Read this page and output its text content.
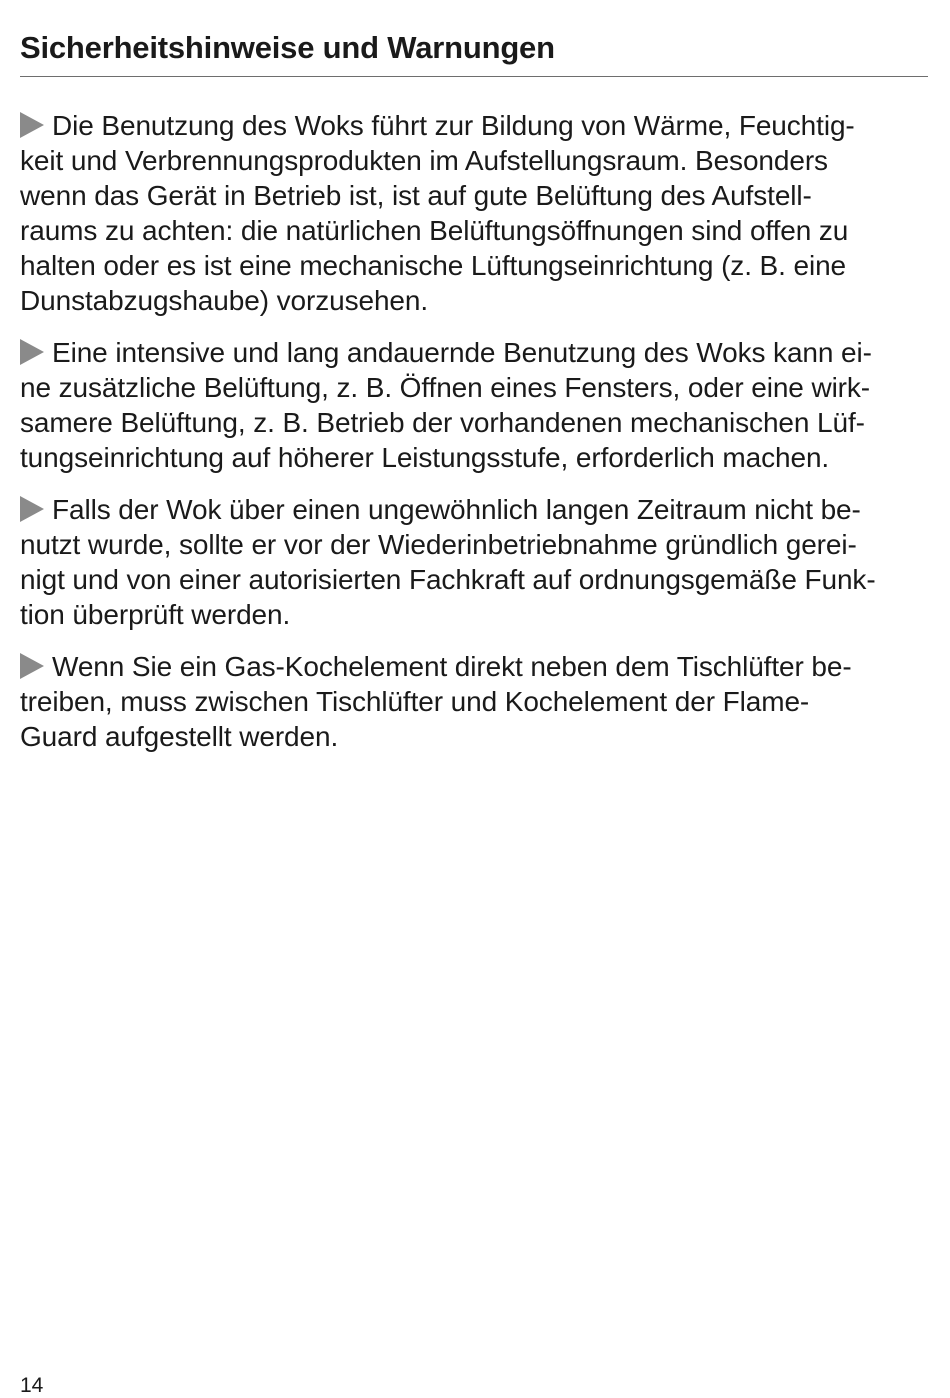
Sicherheitshinweise und Warnungen

Die Benutzung des Woks führt zur Bildung von Wärme, Feuchtig-
keit und Verbrennungsprodukten im Aufstellungsraum. Besonders
wenn das Gerät in Betrieb ist, ist auf gute Belüftung des Aufstell-
raums zu achten: die natürlichen Belüftungsöffnungen sind offen zu
halten oder es ist eine mechanische Lüftungseinrichtung (z. B. eine
Dunstabzugshaube) vorzusehen.

Eine intensive und lang andauernde Benutzung des Woks kann ei-
ne zusätzliche Belüftung, z. B. Öffnen eines Fensters, oder eine wirk-
samere Belüftung, z. B. Betrieb der vorhandenen mechanischen Lüf-
tungseinrichtung auf höherer Leistungsstufe, erforderlich machen.

Falls der Wok über einen ungewöhnlich langen Zeitraum nicht be-
nutzt wurde, sollte er vor der Wiederinbetriebnahme gründlich gerei-
nigt und von einer autorisierten Fachkraft auf ordnungsgemäße Funk-
tion überprüft werden.

Wenn Sie ein Gas-Kochelement direkt neben dem Tischlüfter be-
treiben, muss zwischen Tischlüfter und Kochelement der Flame-
Guard aufgestellt werden.

14
